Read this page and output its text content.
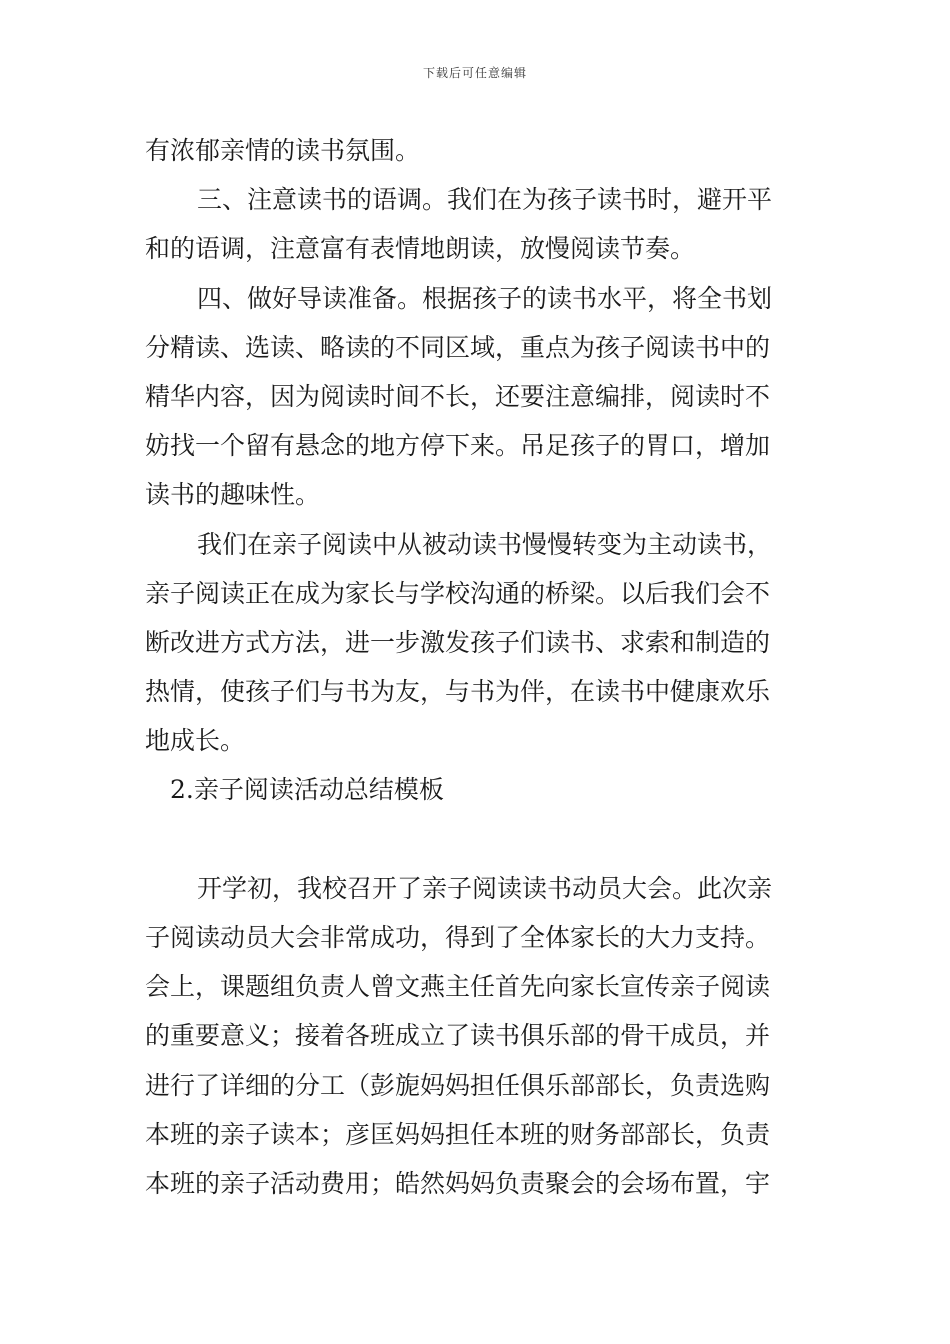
下载后可任意编辑
有浓郁亲情的读书氛围。
三、注意读书的语调。我们在为孩子读书时，避开平
和的语调，注意富有表情地朗读，放慢阅读节奏。
四、做好导读准备。根据孩子的读书水平，将全书划
分精读、选读、略读的不同区域，重点为孩子阅读书中的
精华内容，因为阅读时间不长，还要注意编排，阅读时不
妨找一个留有悬念的地方停下来。吊足孩子的胃口，增加
读书的趣味性。
我们在亲子阅读中从被动读书慢慢转变为主动读书，
亲子阅读正在成为家长与学校沟通的桥梁。以后我们会不
断改进方式方法，进一步激发孩子们读书、求索和制造的
热情，使孩子们与书为友，与书为伴，在读书中健康欢乐
地成长。
2.亲子阅读活动总结模板
开学初，我校召开了亲子阅读读书动员大会。此次亲
子阅读动员大会非常成功，得到了全体家长的大力支持。
会上，课题组负责人曾文燕主任首先向家长宣传亲子阅读
的重要意义；接着各班成立了读书俱乐部的骨干成员，并
进行了详细的分工（彭旎妈妈担任俱乐部部长，负责选购
本班的亲子读本；彦匡妈妈担任本班的财务部部长，负责
本班的亲子活动费用；皓然妈妈负责聚会的会场布置，宇
